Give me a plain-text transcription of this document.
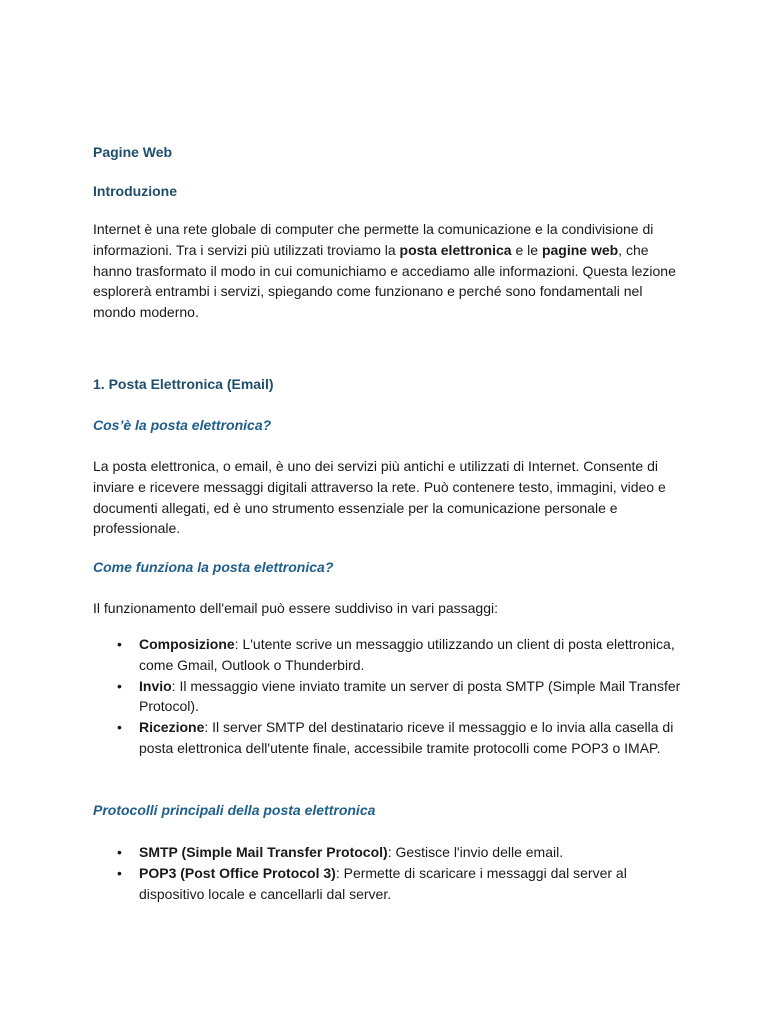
Pagine Web
Introduzione
Internet è una rete globale di computer che permette la comunicazione e la condivisione di informazioni. Tra i servizi più utilizzati troviamo la posta elettronica e le pagine web, che hanno trasformato il modo in cui comunichiamo e accediamo alle informazioni. Questa lezione esplorerà entrambi i servizi, spiegando come funzionano e perché sono fondamentali nel mondo moderno.
1. Posta Elettronica (Email)
Cos’è la posta elettronica?
La posta elettronica, o email, è uno dei servizi più antichi e utilizzati di Internet. Consente di inviare e ricevere messaggi digitali attraverso la rete. Può contenere testo, immagini, video e documenti allegati, ed è uno strumento essenziale per la comunicazione personale e professionale.
Come funziona la posta elettronica?
Il funzionamento dell'email può essere suddiviso in vari passaggi:
• Composizione: L'utente scrive un messaggio utilizzando un client di posta elettronica, come Gmail, Outlook o Thunderbird.
• Invio: Il messaggio viene inviato tramite un server di posta SMTP (Simple Mail Transfer Protocol).
• Ricezione: Il server SMTP del destinatario riceve il messaggio e lo invia alla casella di posta elettronica dell'utente finale, accessibile tramite protocolli come POP3 o IMAP.
Protocolli principali della posta elettronica
• SMTP (Simple Mail Transfer Protocol): Gestisce l'invio delle email.
• POP3 (Post Office Protocol 3): Permette di scaricare i messaggi dal server al dispositivo locale e cancellarli dal server.
